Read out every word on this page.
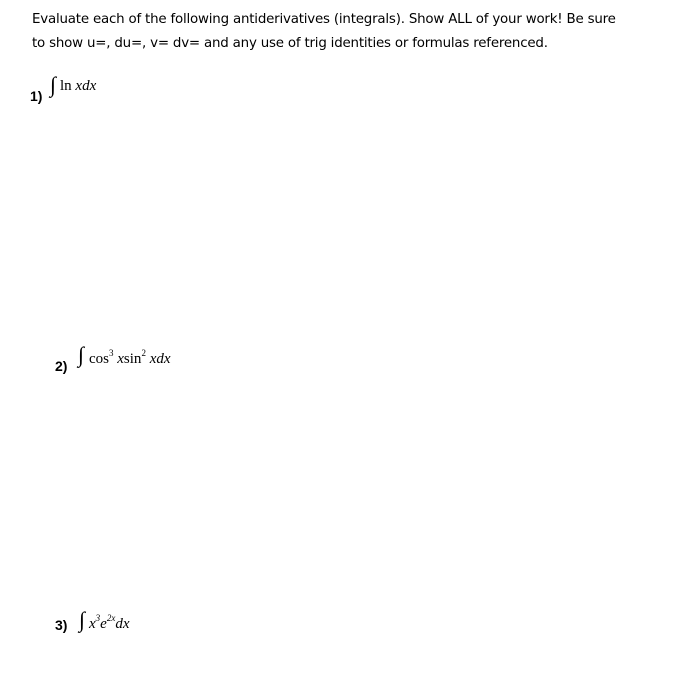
Evaluate each of the following antiderivatives (integrals). Show ALL of your work! Be sure
to show u=, du=, v= dv= and any use of trig identities or formulas referenced.
1) ∫ ln xdx
2) ∫ $\cos^3 xsin^2$ xdx
3) ∫ $x^3e^{2x}dx$
